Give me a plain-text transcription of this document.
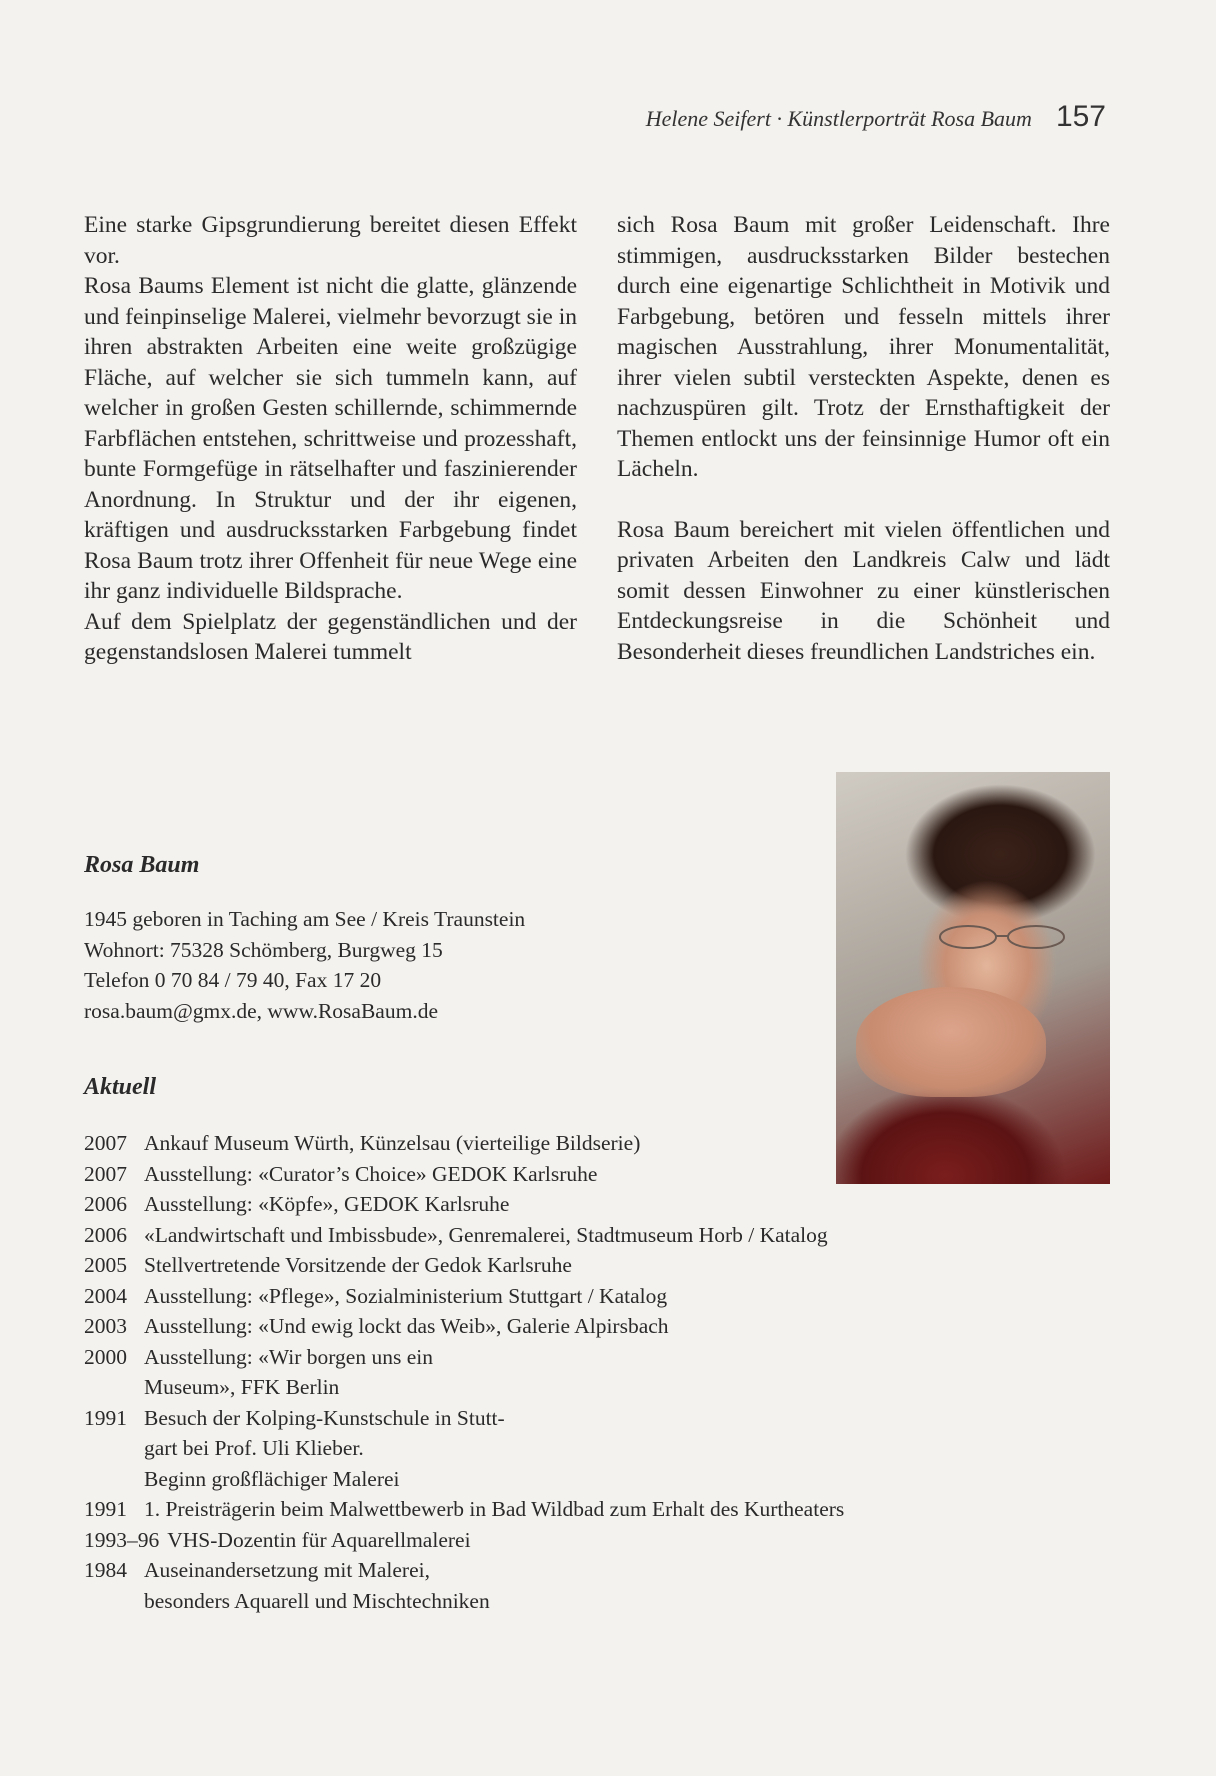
Helene Seifert · Künstlerporträt Rosa Baum 157

Eine starke Gipsgrundierung bereitet diesen Effekt vor.

Rosa Baums Element ist nicht die glatte, glänzende und feinpinselige Malerei, vielmehr bevorzugt sie in ihren abstrakten Arbeiten eine weite großzügige Fläche, auf welcher sie sich tummeln kann, auf welcher in großen Gesten schillernde, schimmernde Farbflächen entstehen, schrittweise und prozesshaft, bunte Formgefüge in rätselhafter und faszinierender Anordnung. In Struktur und der ihr eigenen, kräftigen und ausdrucksstarken Farbgebung findet Rosa Baum trotz ihrer Offenheit für neue Wege eine ihr ganz individuelle Bildsprache.

Auf dem Spielplatz der gegenständlichen und der gegenstandslosen Malerei tummelt

sich Rosa Baum mit großer Leidenschaft. Ihre stimmigen, ausdrucksstarken Bilder bestechen durch eine eigenartige Schlichtheit in Motivik und Farbgebung, betören und fesseln mittels ihrer magischen Ausstrahlung, ihrer Monumentalität, ihrer vielen subtil versteckten Aspekte, denen es nachzuspüren gilt. Trotz der Ernsthaftigkeit der Themen entlockt uns der feinsinnige Humor oft ein Lächeln.

Rosa Baum bereichert mit vielen öffentlichen und privaten Arbeiten den Landkreis Calw und lädt somit dessen Einwohner zu einer künstlerischen Entdeckungsreise in die Schönheit und Besonderheit dieses freundlichen Landstriches ein.

Rosa Baum
1945 geboren in Taching am See / Kreis Traunstein
Wohnort: 75328 Schömberg, Burgweg 15
Telefon 0 70 84 / 79 40, Fax 17 20
rosa.baum@gmx.de, www.RosaBaum.de
Aktuell
2007 Ankauf Museum Würth, Künzelsau (vierteilige Bildserie)
2007 Ausstellung: «Curator’s Choice» GEDOK Karlsruhe
2006 Ausstellung: «Köpfe», GEDOK Karlsruhe
2006 «Landwirtschaft und Imbissbude», Genremalerei, Stadtmuseum Horb / Katalog
2005 Stellvertretende Vorsitzende der Gedok Karlsruhe
2004 Ausstellung: «Pflege», Sozialministerium Stuttgart / Katalog
2003 Ausstellung: «Und ewig lockt das Weib», Galerie Alpirsbach
2000 Ausstellung: «Wir borgen uns ein
Museum», FFK Berlin
1991 Besuch der Kolping-Kunstschule in Stutt-
gart bei Prof. Uli Klieber.
Beginn großflächiger Malerei
1991 1. Preisträgerin beim Malwettbewerb in Bad Wildbad zum Erhalt des Kurtheaters
1993–96 VHS-Dozentin für Aquarellmalerei
1984 Auseinandersetzung mit Malerei,
besonders Aquarell und Mischtechniken
